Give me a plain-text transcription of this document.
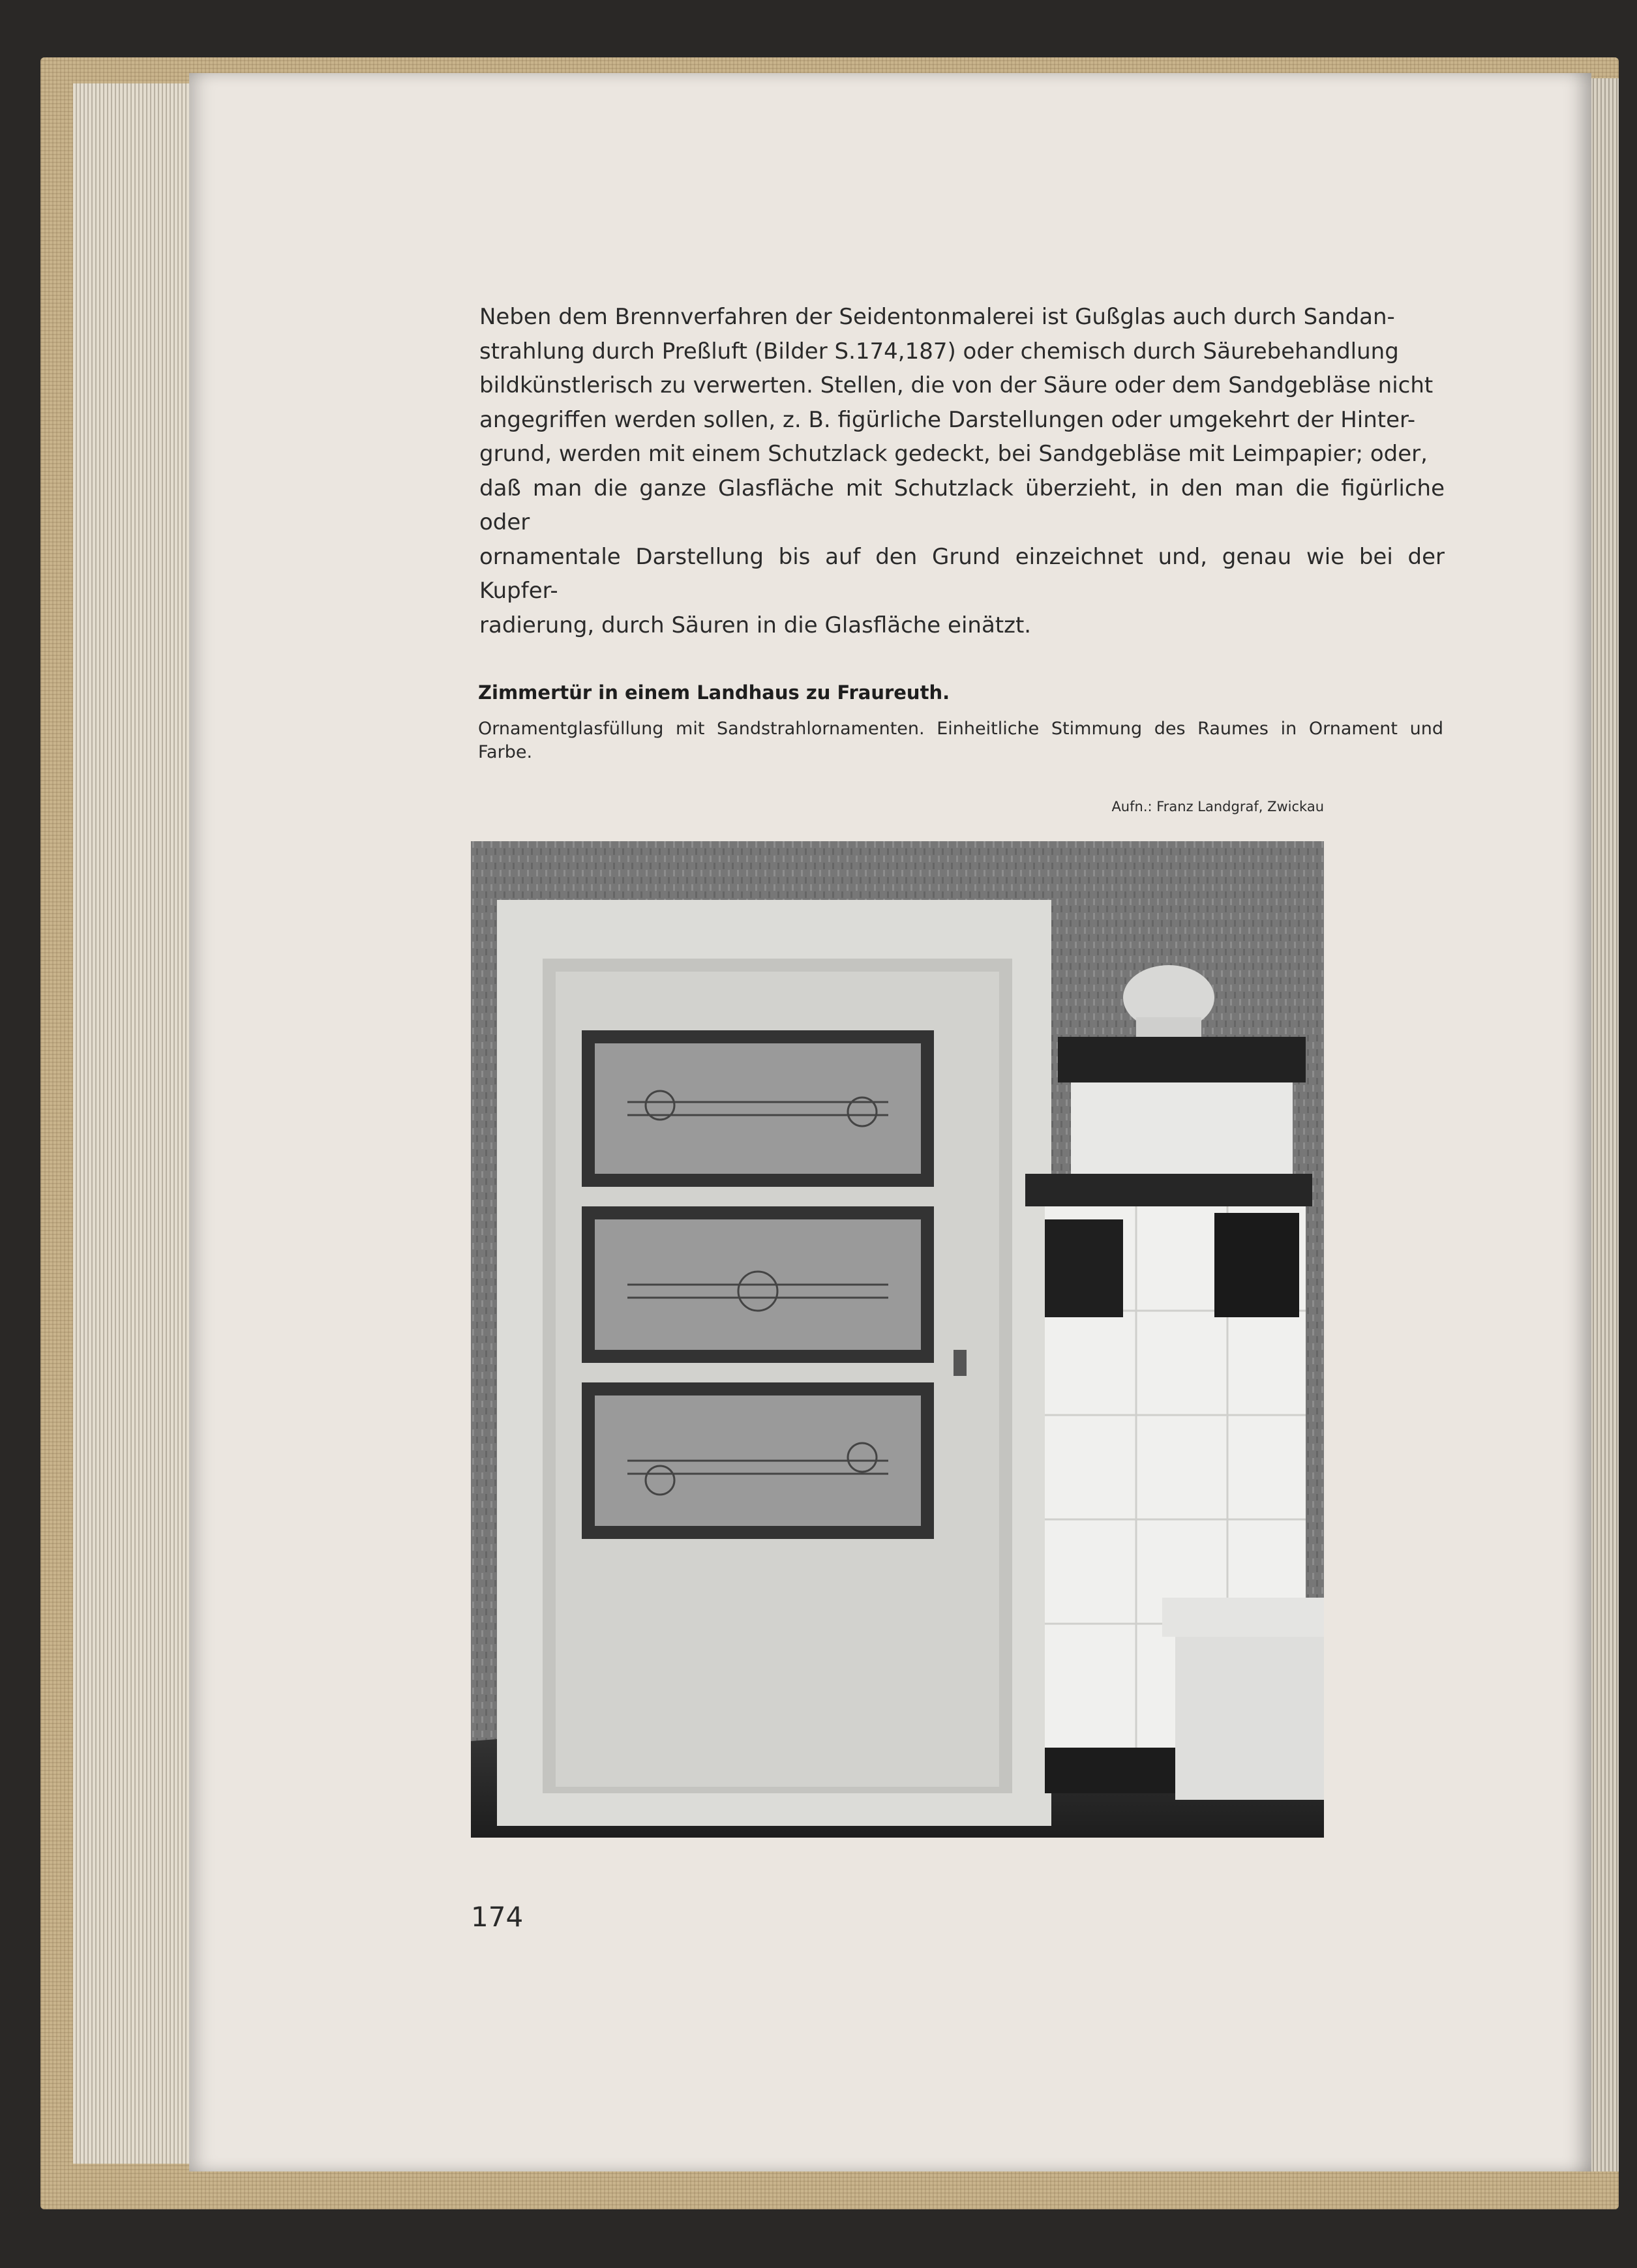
Neben dem Brennverfahren der Seidentonmalerei ist Gußglas auch durch Sandan-
strahlung durch Preßluft (Bilder S.174,187) oder chemisch durch Säurebehandlung
bildkünstlerisch zu verwerten. Stellen, die von der Säure oder dem Sandgebläse nicht
angegriffen werden sollen, z. B. figürliche Darstellungen oder umgekehrt der Hinter-
grund, werden mit einem Schutzlack gedeckt, bei Sandgebläse mit Leimpapier; oder,
daß man die ganze Glasfläche mit Schutzlack überzieht, in den man die figürliche oder
ornamentale Darstellung bis auf den Grund einzeichnet und, genau wie bei der Kupfer-
radierung, durch Säuren in die Glasfläche einätzt.

Zimmertür in einem Landhaus zu Fraureuth.

Ornamentglasfüllung mit Sandstrahlornamenten. Einheitliche Stimmung des Raumes in Ornament und Farbe.

Aufn.: Franz Landgraf, Zwickau

174
